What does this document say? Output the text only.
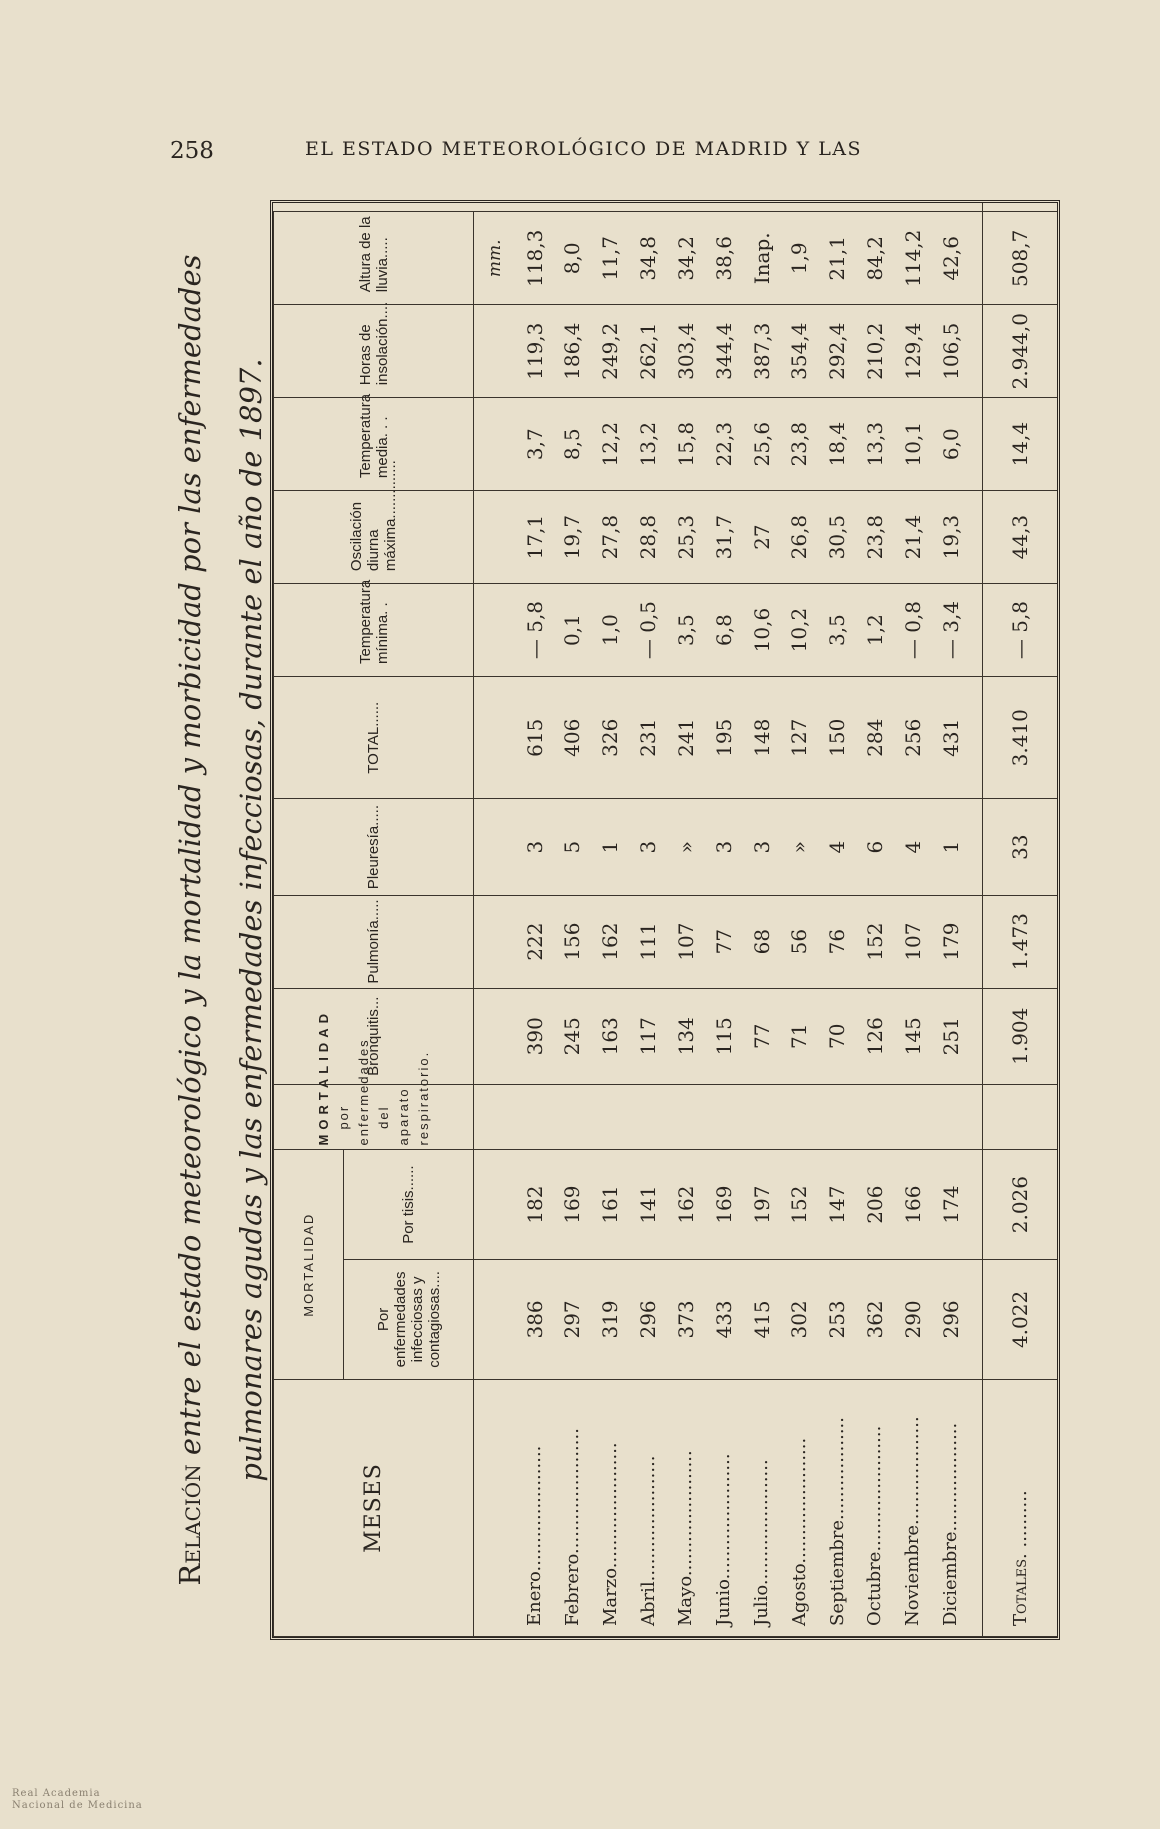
258	EL ESTADO METEOROLÓGICO DE MADRID Y LAS
Relación entre el estado meteorológico y la mortalidad y morbicidad por las enfermedades pulmonares agudas y las enfermedades infecciosas, durante el año de 1897.
MESES	MORTALIDAD		MORTALIDAD por enfermedades del aparato respiratorio.	Bronquitis...	Pulmonía.....	Pleuresía.....	TOTAL......	Temperatura mínima. .	Oscilación diurna máxima..............	Temperatura media. . .	Horas de insolación....	Altura de la lluvia.....	
	Por enfermedades infecciosas y contagiosas....	Por tisis......											
												mm.	
Enero......................	386	182		390	222	3	615	— 5,8	17,1	3,7	119,3	118,3	
Febrero......................	297	169		245	156	5	406	0,1	19,7	8,5	186,4	8,0	
Marzo......................	319	161		163	162	1	326	1,0	27,8	12,2	249,2	11,7	
Abril......................	296	141		117	111	3	231	— 0,5	28,8	13,2	262,1	34,8	
Mayo......................	373	162		134	107	»	241	3,5	25,3	15,8	303,4	34,2	
Junio......................	433	169		115	77	3	195	6,8	31,7	22,3	344,4	38,6	
Julio......................	415	197		77	68	3	148	10,6	27	25,6	387,3	Inap.	
Agosto......................	302	152		71	56	»	127	10,2	26,8	23,8	354,4	1,9	
Septiembre..................	253	147		70	76	4	150	3,5	30,5	18,4	292,4	21,1	
Octubre......................	362	206		126	152	6	284	1,2	23,8	13,3	210,2	84,2	
Noviembre...................	290	166		145	107	4	256	— 0,8	21,4	10,1	129,4	114,2	
Diciembre...................	296	174		251	179	1	431	— 3,4	19,3	6,0	106,5	42,6	

Totales. ..........	4.022	2.026		1.904	1.473	33	3.410	— 5,8	44,3	14,4	2.944,0	508,7	
Real Academia
Nacional de Medicina
